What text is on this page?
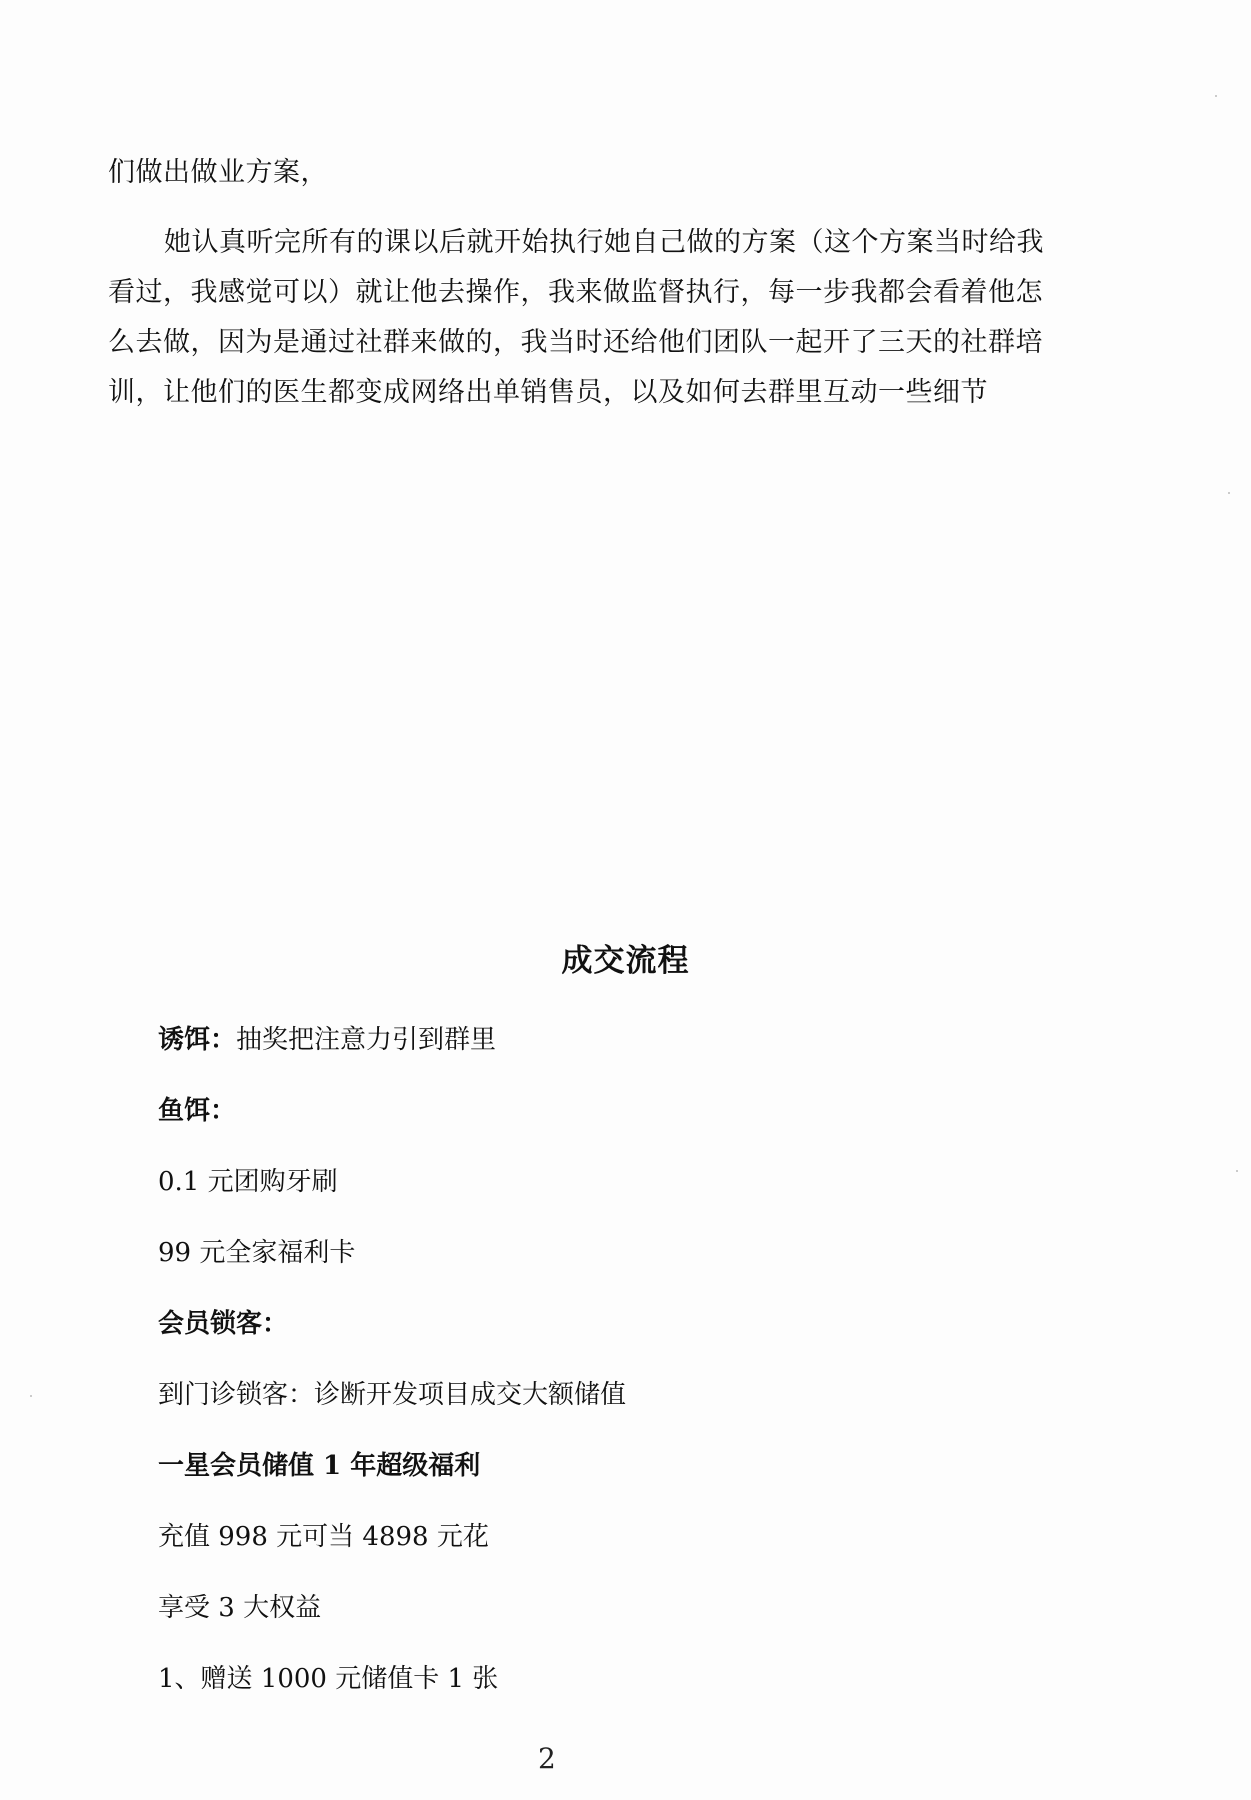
们做出做业方案，

她认真听完所有的课以后就开始执行她自己做的方案（这个方案当时给我看过，我感觉可以）就让他去操作，我来做监督执行，每一步我都会看着他怎么去做，因为是通过社群来做的，我当时还给他们团队一起开了三天的社群培训，让他们的医生都变成网络出单销售员，以及如何去群里互动一些细节

成交流程

诱饵：抽奖把注意力引到群里

鱼饵：

0.1 元团购牙刷

99 元全家福利卡

会员锁客：

到门诊锁客：诊断开发项目成交大额储值

一星会员储值 1 年超级福利

充值 998 元可当 4898 元花

享受 3 大权益

1、赠送 1000 元储值卡 1 张

2
